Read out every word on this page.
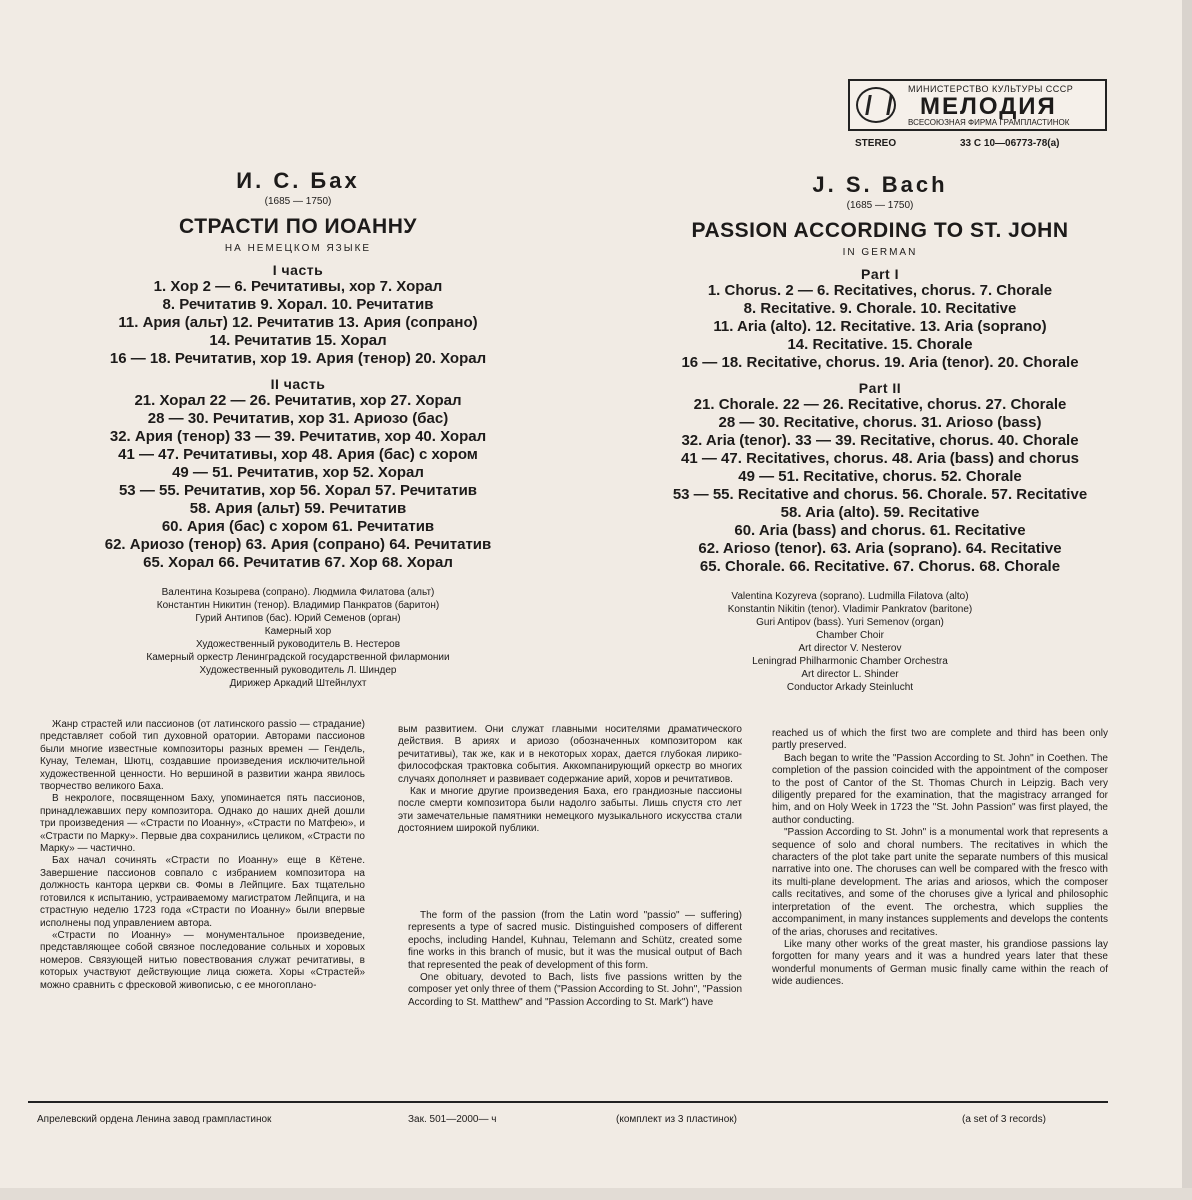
МИНИСТЕРСТВО КУЛЬТУРЫ СССР
МЕЛОДИЯ
ВСЕСОЮЗНАЯ ФИРМА ГРАМПЛАСТИНОК
STEREO	33 С 10—06773-78(a)
И. С. Бах
(1685 — 1750)
СТРАСТИ ПО ИОАННУ
НА НЕМЕЦКОМ ЯЗЫКЕ
I часть
1. Хор 2 — 6. Речитативы, хор 7. Хорал
8. Речитатив 9. Хорал. 10. Речитатив
11. Ария (альт) 12. Речитатив 13. Ария (сопрано)
14. Речитатив 15. Хорал
16 — 18. Речитатив, хор 19. Ария (тенор) 20. Хорал
II часть
21. Хорал 22 — 26. Речитатив, хор 27. Хорал
28 — 30. Речитатив, хор 31. Ариозо (бас)
32. Ария (тенор) 33 — 39. Речитатив, хор 40. Хорал
41 — 47. Речитативы, хор 48. Ария (бас) с хором
49 — 51. Речитатив, хор 52. Хорал
53 — 55. Речитатив, хор 56. Хорал 57. Речитатив
58. Ария (альт) 59. Речитатив
60. Ария (бас) с хором 61. Речитатив
62. Ариозо (тенор) 63. Ария (сопрано) 64. Речитатив
65. Хорал 66. Речитатив 67. Хор 68. Хорал
Валентина Козырева (сопрано). Людмила Филатова (альт)
Константин Никитин (тенор). Владимир Панкратов (баритон)
Гурий Антипов (бас). Юрий Семенов (орган)
Камерный хор
Художественный руководитель В. Нестеров
Камерный оркестр Ленинградской государственной филармонии
Художественный руководитель Л. Шиндер
Дирижер Аркадий Штейнлухт
J. S. Bach
(1685 — 1750)
PASSION ACCORDING TO ST. JOHN
IN GERMAN
Part I
1. Chorus. 2 — 6. Recitatives, chorus. 7. Chorale
8. Recitative. 9. Chorale. 10. Recitative
11. Aria (alto). 12. Recitative. 13. Aria (soprano)
14. Recitative. 15. Chorale
16 — 18. Recitative, chorus. 19. Aria (tenor). 20. Chorale
Part II
21. Chorale. 22 — 26. Recitative, chorus. 27. Chorale
28 — 30. Recitative, chorus. 31. Arioso (bass)
32. Aria (tenor). 33 — 39. Recitative, chorus. 40. Chorale
41 — 47. Recitatives, chorus. 48. Aria (bass) and chorus
49 — 51. Recitative, chorus. 52. Chorale
53 — 55. Recitative and chorus. 56. Chorale. 57. Recitative
58. Aria (alto). 59. Recitative
60. Aria (bass) and chorus. 61. Recitative
62. Arioso (tenor). 63. Aria (soprano). 64. Recitative
65. Chorale. 66. Recitative. 67. Chorus. 68. Chorale
Valentina Kozyreva (soprano). Ludmilla Filatova (alto)
Konstantin Nikitin (tenor). Vladimir Pankratov (baritone)
Guri Antipov (bass). Yuri Semenov (organ)
Chamber Choir
Art director V. Nesterov
Leningrad Philharmonic Chamber Orchestra
Art director L. Shinder
Conductor Arkady Steinlucht

Жанр страстей или пассионов (от латинского passio — страдание) представляет собой тип духовной оратории. Авторами пассионов были многие известные композиторы разных времен — Гендель, Кунау, Телеман, Шютц, создавшие произведения исключительной художественной ценности. Но вершиной в развитии жанра явилось творчество великого Баха.

В некрологе, посвященном Баху, упоминается пять пассионов, принадлежавших перу композитора. Однако до наших дней дошли три произведения — «Страсти по Иоанну», «Страсти по Матфею», и «Страсти по Марку». Первые два сохранились целиком, «Страсти по Марку» — частично.

Бах начал сочинять «Страсти по Иоанну» еще в Кётене. Завершение пассионов совпало с избранием композитора на должность кантора церкви св. Фомы в Лейпциге. Бах тщательно готовился к испытанию, устраиваемому магистратом Лейпцига, и на страстную неделю 1723 года «Страсти по Иоанну» были впервые исполнены под управлением автора.

«Страсти по Иоанну» — монументальное произведение, представляющее собой связное последование сольных и хоровых номеров. Связующей нитью повествования служат речитативы, в которых участвуют действующие лица сюжета. Хоры «Страстей» можно сравнить с фресковой живописью, с ее многоплано-

вым развитием. Они служат главными носителями драматического действия. В ариях и ариозо (обозначенных композитором как речитативы), так же, как и в некоторых хорах, дается глубокая лирико-философская трактовка события. Аккомпанирующий оркестр во многих случаях дополняет и развивает содержание арий, хоров и речитативов.

Как и многие другие произведения Баха, его грандиозные пассионы после смерти композитора были надолго забыты. Лишь спустя сто лет эти замечательные памятники немецкого музыкального искусства стали достоянием широкой публики.

The form of the passion (from the Latin word "passio" — suffering) represents a type of sacred music. Distinguished composers of different epochs, including Handel, Kuhnau, Telemann and Schütz, created some fine works in this branch of music, but it was the musical output of Bach that represented the peak of development of this form.

One obituary, devoted to Bach, lists five passions written by the composer yet only three of them ("Passion According to St. John", "Passion According to St. Matthew" and "Passion According to St. Mark") have

reached us of which the first two are complete and third has been only partly preserved.

Bach began to write the "Passion According to St. John" in Coethen. The completion of the passion coincided with the appointment of the composer to the post of Cantor of the St. Thomas Church in Leipzig. Bach very diligently prepared for the examination, that the magistracy arranged for him, and on Holy Week in 1723 the "St. John Passion" was first played, the author conducting.

"Passion According to St. John" is a monumental work that represents a sequence of solo and choral numbers. The recitatives in which the characters of the plot take part unite the separate numbers of this musical narrative into one. The choruses can well be compared with the fresco with its multi-plane development. The arias and ariosos, which the composer calls recitatives, and some of the choruses give a lyrical and philosophic interpretation of the event. The orchestra, which supplies the accompaniment, in many instances supplements and develops the contents of the arias, choruses and recitatives.

Like many other works of the great master, his grandiose passions lay forgotten for many years and it was a hundred years later that these wonderful monuments of German music finally came within the reach of wide audiences.

Апрелевский ордена Ленина завод грампластинок	Зак. 501—2000— ч	(комплект из 3 пластинок)	(a set of 3 records)
